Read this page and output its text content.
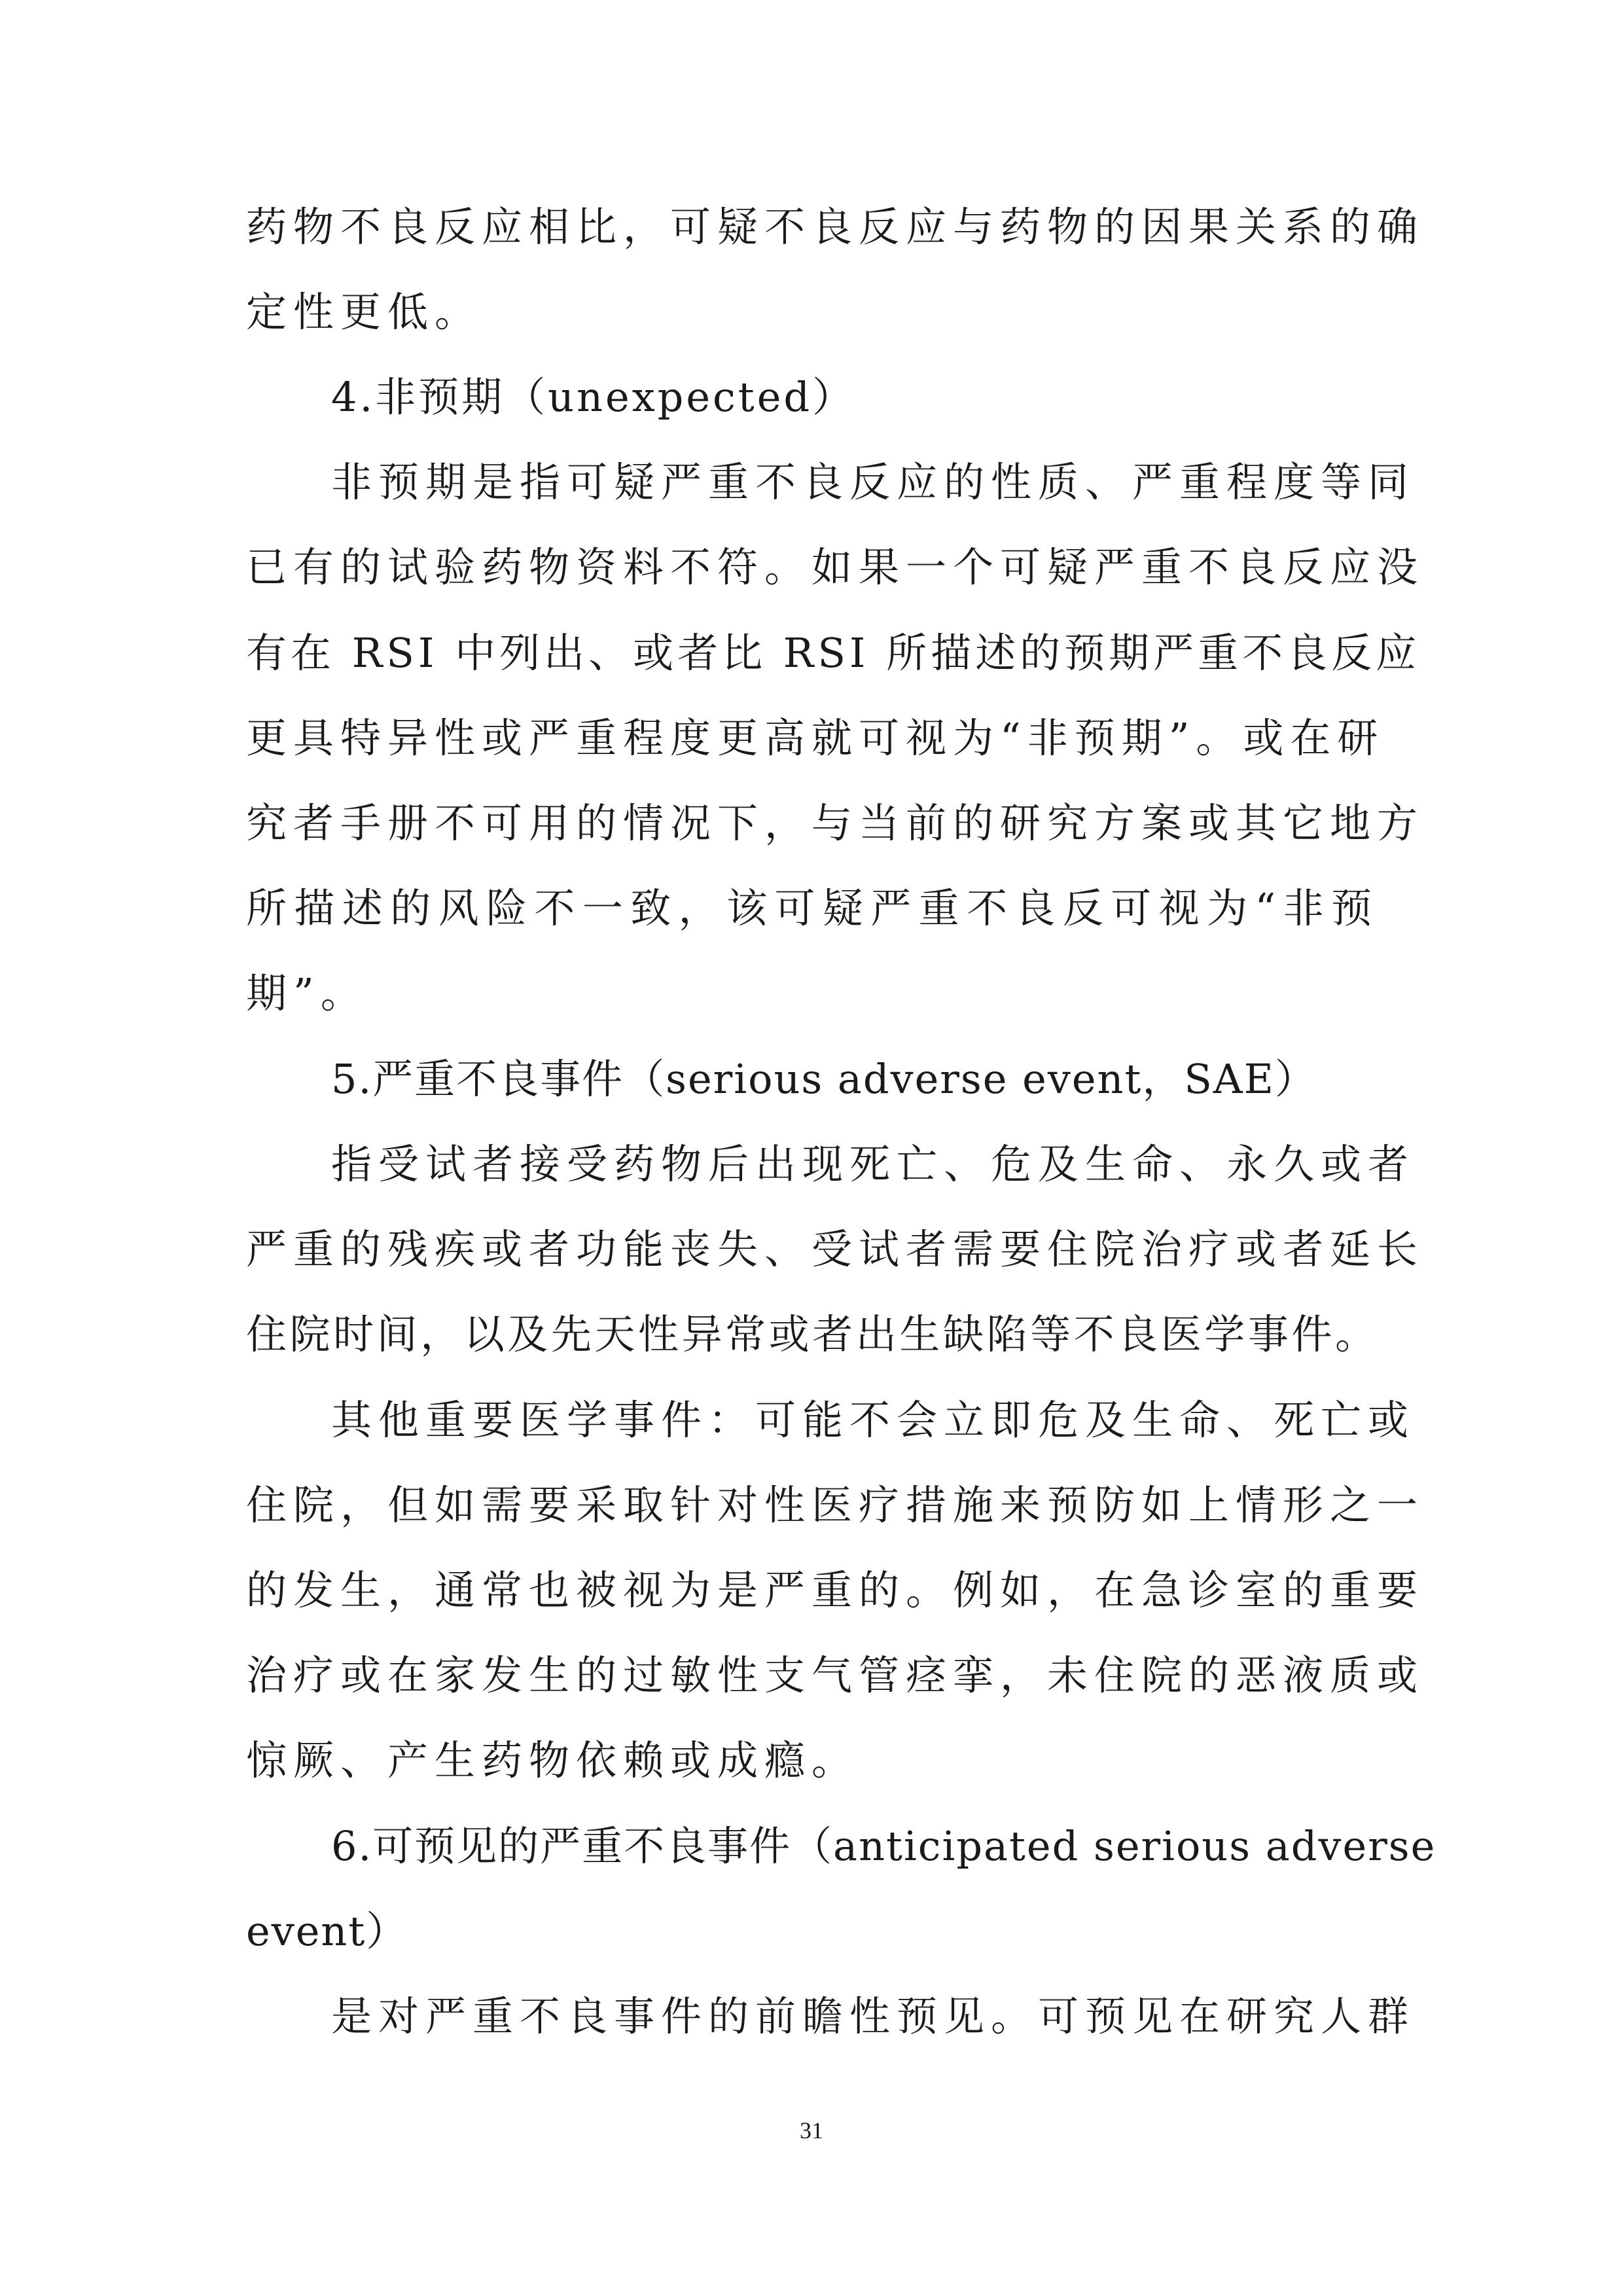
药物不良反应相比，可疑不良反应与药物的因果关系的确
定性更低。
4.非预期（unexpected）
非预期是指可疑严重不良反应的性质、严重程度等同
已有的试验药物资料不符。如果一个可疑严重不良反应没
有在 RSI 中列出、或者比 RSI 所描述的预期严重不良反应
更具特异性或严重程度更高就可视为“非预期”。或在研
究者手册不可用的情况下，与当前的研究方案或其它地方
所描述的风险不一致，该可疑严重不良反可视为“非预
期”。
5.严重不良事件（serious adverse event，SAE）
指受试者接受药物后出现死亡、危及生命、永久或者
严重的残疾或者功能丧失、受试者需要住院治疗或者延长
住院时间，以及先天性异常或者出生缺陷等不良医学事件。
其他重要医学事件：可能不会立即危及生命、死亡或
住院，但如需要采取针对性医疗措施来预防如上情形之一
的发生，通常也被视为是严重的。例如，在急诊室的重要
治疗或在家发生的过敏性支气管痉挛，未住院的恶液质或
惊厥、产生药物依赖或成瘾。
6.可预见的严重不良事件（anticipated serious adverse
event）
是对严重不良事件的前瞻性预见。可预见在研究人群
31
